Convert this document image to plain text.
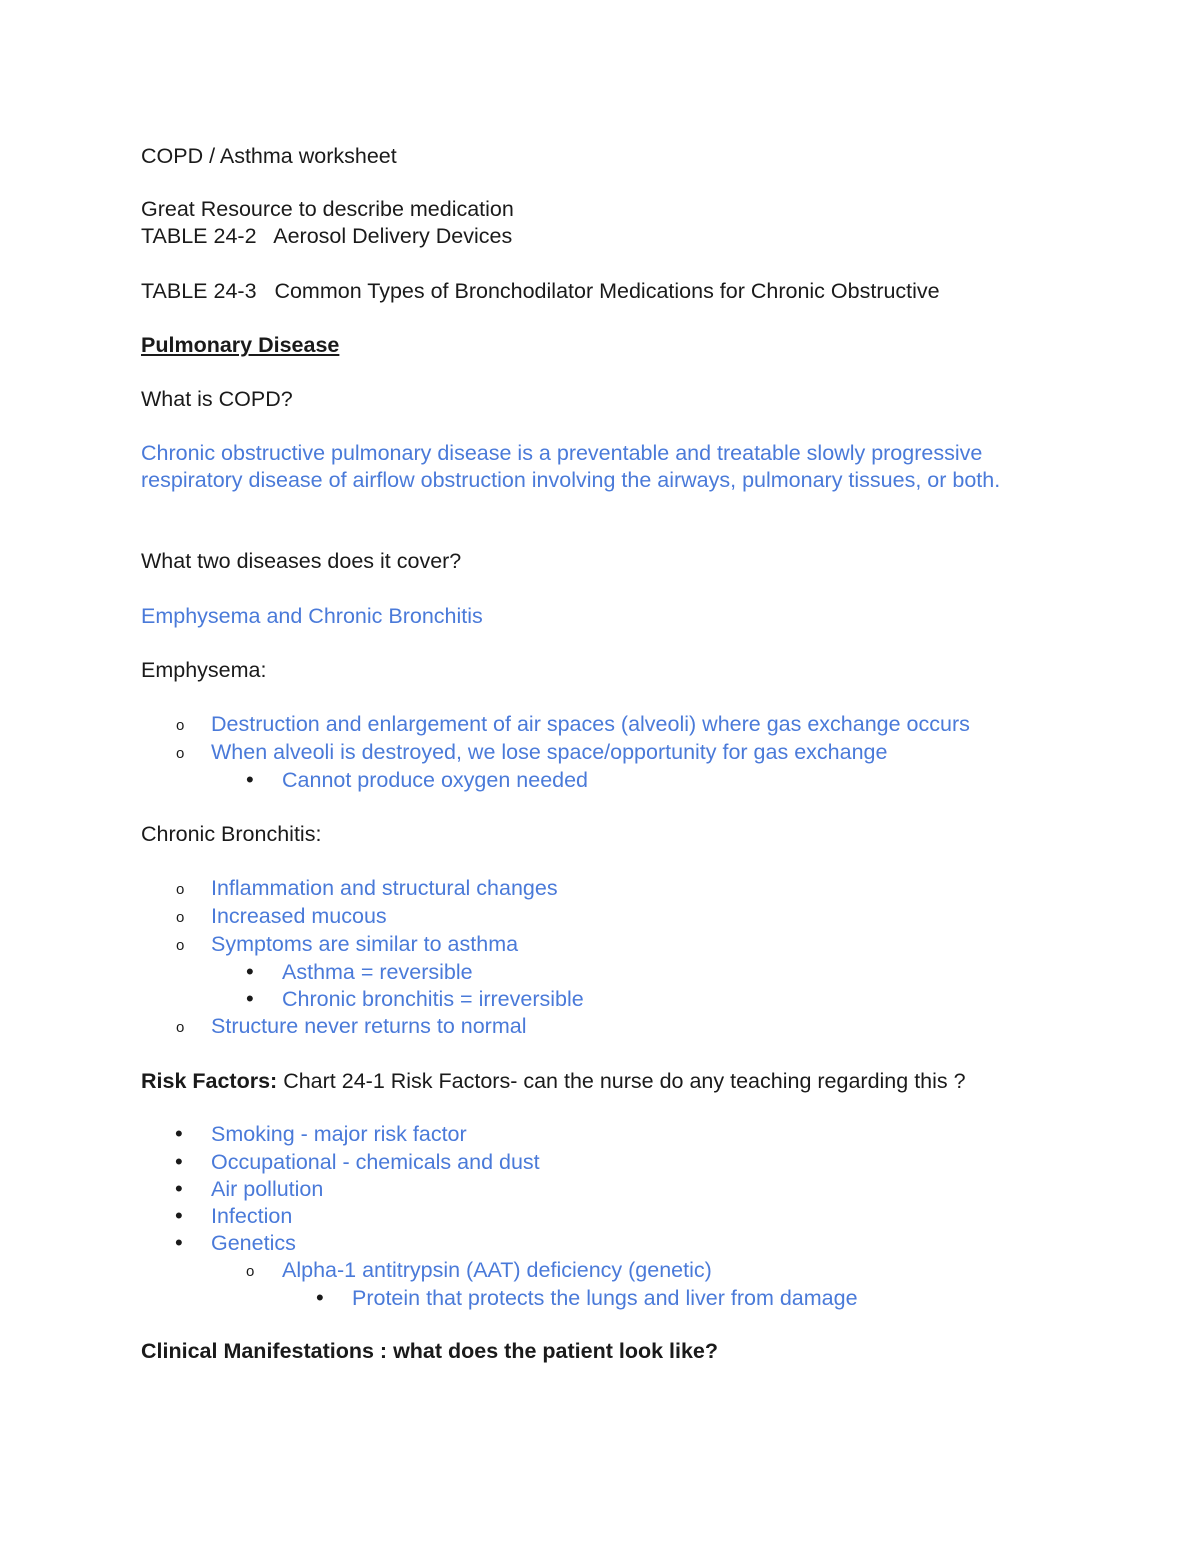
COPD / Asthma worksheet
Great Resource to describe medication
TABLE 24-2   Aerosol Delivery Devices
TABLE 24-3   Common Types of Bronchodilator Medications for Chronic Obstructive
Pulmonary Disease
What is COPD?
Chronic obstructive pulmonary disease is a preventable and treatable slowly progressive respiratory disease of airflow obstruction involving the airways, pulmonary tissues, or both.
What two diseases does it cover?
Emphysema and Chronic Bronchitis
Emphysema:
o Destruction and enlargement of air spaces (alveoli) where gas exchange occurs
o When alveoli is destroyed, we lose space/opportunity for gas exchange
• Cannot produce oxygen needed
Chronic Bronchitis:
o Inflammation and structural changes
o Increased mucous
o Symptoms are similar to asthma
• Asthma = reversible
• Chronic bronchitis = irreversible
o Structure never returns to normal
Risk Factors: Chart 24-1 Risk Factors- can the nurse do any teaching regarding this ?
• Smoking - major risk factor
• Occupational - chemicals and dust
• Air pollution
• Infection
• Genetics
o Alpha-1 antitrypsin (AAT) deficiency (genetic)
• Protein that protects the lungs and liver from damage
Clinical Manifestations : what does the patient look like?
